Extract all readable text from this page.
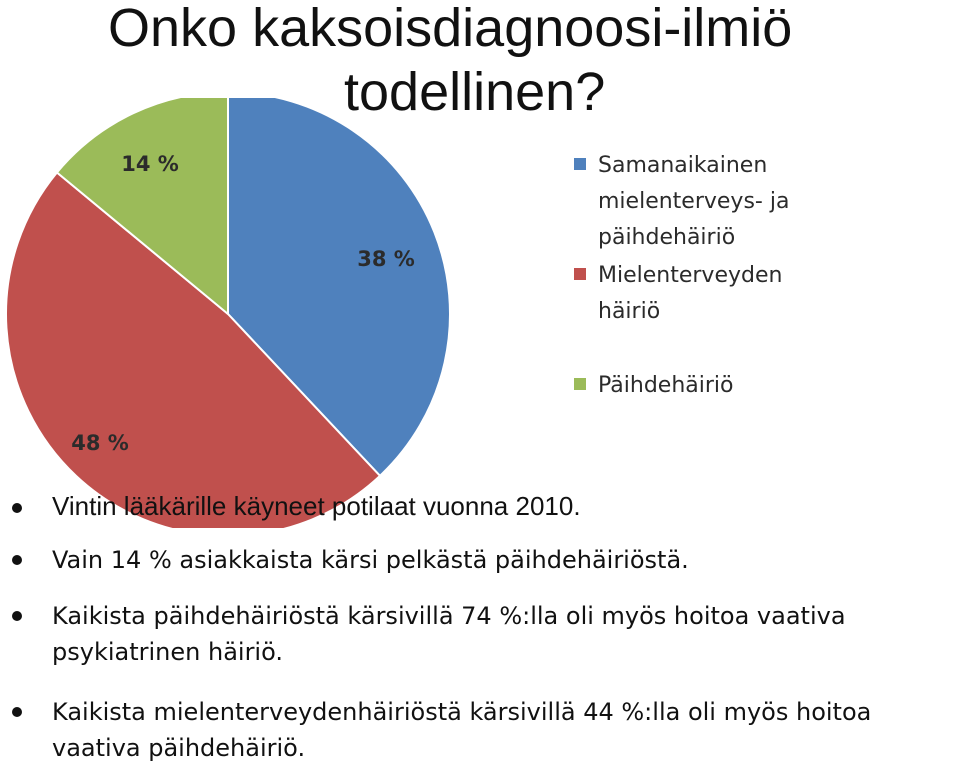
Onko kaksoisdiagnoosi-ilmiö
todellinen?
38 %
48 %
14 %	Samanaikainen mielenterveys- ja päihdehäiriö
Mielenterveyden häiriö
Päihdehäiriö
Vintin lääkärille käyneet potilaat vuonna 2010.
Vain 14 % asiakkaista kärsi pelkästä päihdehäiriöstä.
Kaikista päihdehäiriöstä kärsivillä 74 %:lla oli myös hoitoa vaativa psykiatrinen häiriö.
Kaikista mielenterveydenhäiriöstä kärsivillä 44 %:lla oli myös hoitoa vaativa päihdehäiriö.
